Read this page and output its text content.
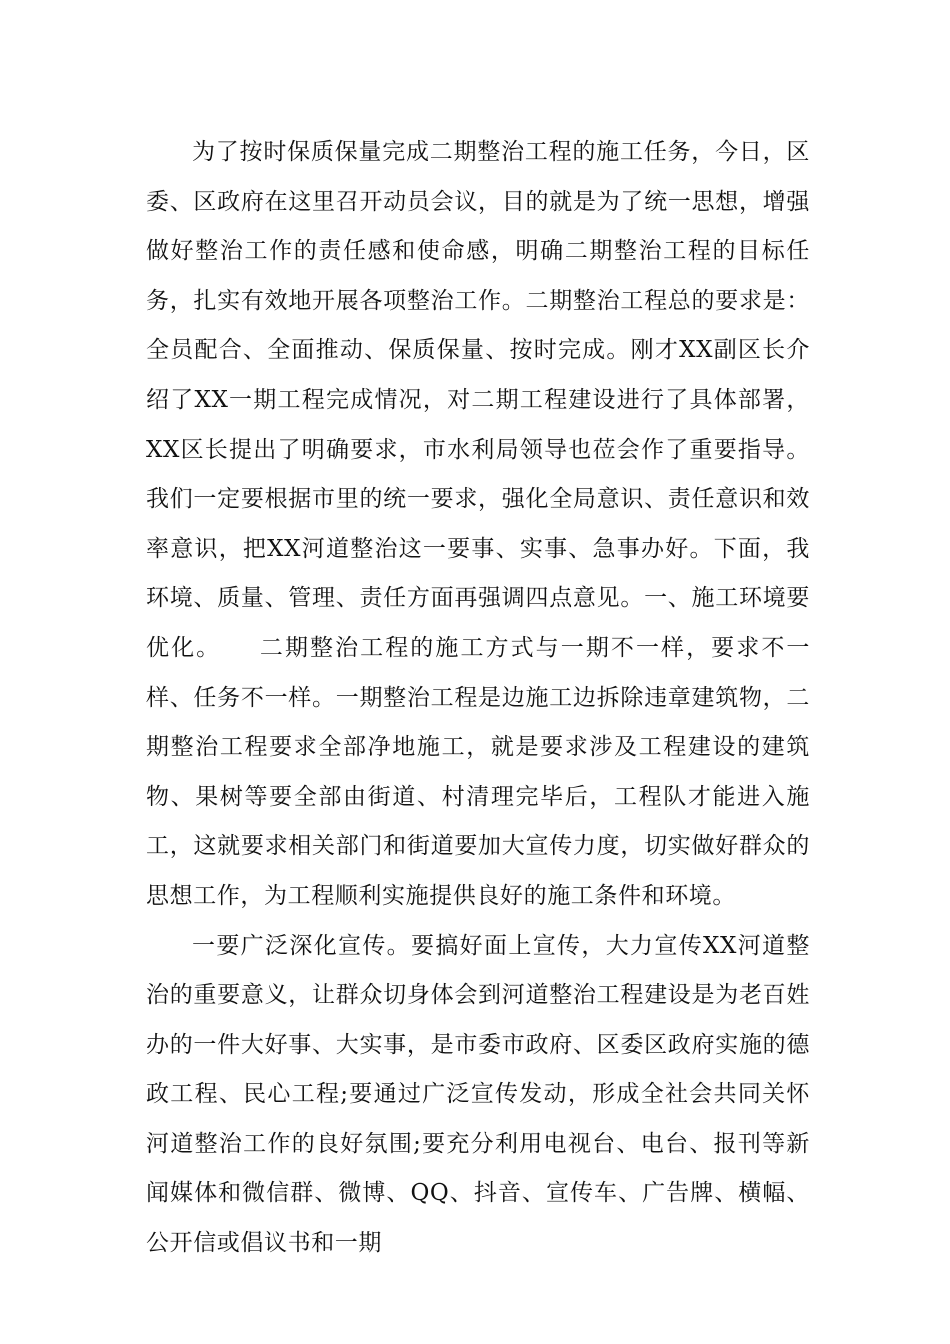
为了按时保质保量完成二期整治工程的施工任务，今日，区委、区政府在这里召开动员会议，目的就是为了统一思想，增强做好整治工作的责任感和使命感，明确二期整治工程的目标任务，扎实有效地开展各项整治工作。二期整治工程总的要求是：全员配合、全面推动、保质保量、按时完成。刚才XX副区长介绍了XX一期工程完成情况，对二期工程建设进行了具体部署，XX区长提出了明确要求，市水利局领导也莅会作了重要指导。我们一定要根据市里的统一要求，强化全局意识、责任意识和效率意识，把XX河道整治这一要事、实事、急事办好。下面，我环境、质量、管理、责任方面再强调四点意见。一、施工环境要优化。　　二期整治工程的施工方式与一期不一样，要求不一样、任务不一样。一期整治工程是边施工边拆除违章建筑物，二期整治工程要求全部净地施工，就是要求涉及工程建设的建筑物、果树等要全部由街道、村清理完毕后，工程队才能进入施工，这就要求相关部门和街道要加大宣传力度，切实做好群众的思想工作，为工程顺利实施提供良好的施工条件和环境。

一要广泛深化宣传。要搞好面上宣传，大力宣传XX河道整治的重要意义，让群众切身体会到河道整治工程建设是为老百姓办的一件大好事、大实事，是市委市政府、区委区政府实施的德政工程、民心工程;要通过广泛宣传发动，形成全社会共同关怀河道整治工作的良好氛围;要充分利用电视台、电台、报刊等新闻媒体和微信群、微博、QQ、抖音、宣传车、广告牌、横幅、公开信或倡议书和一期
